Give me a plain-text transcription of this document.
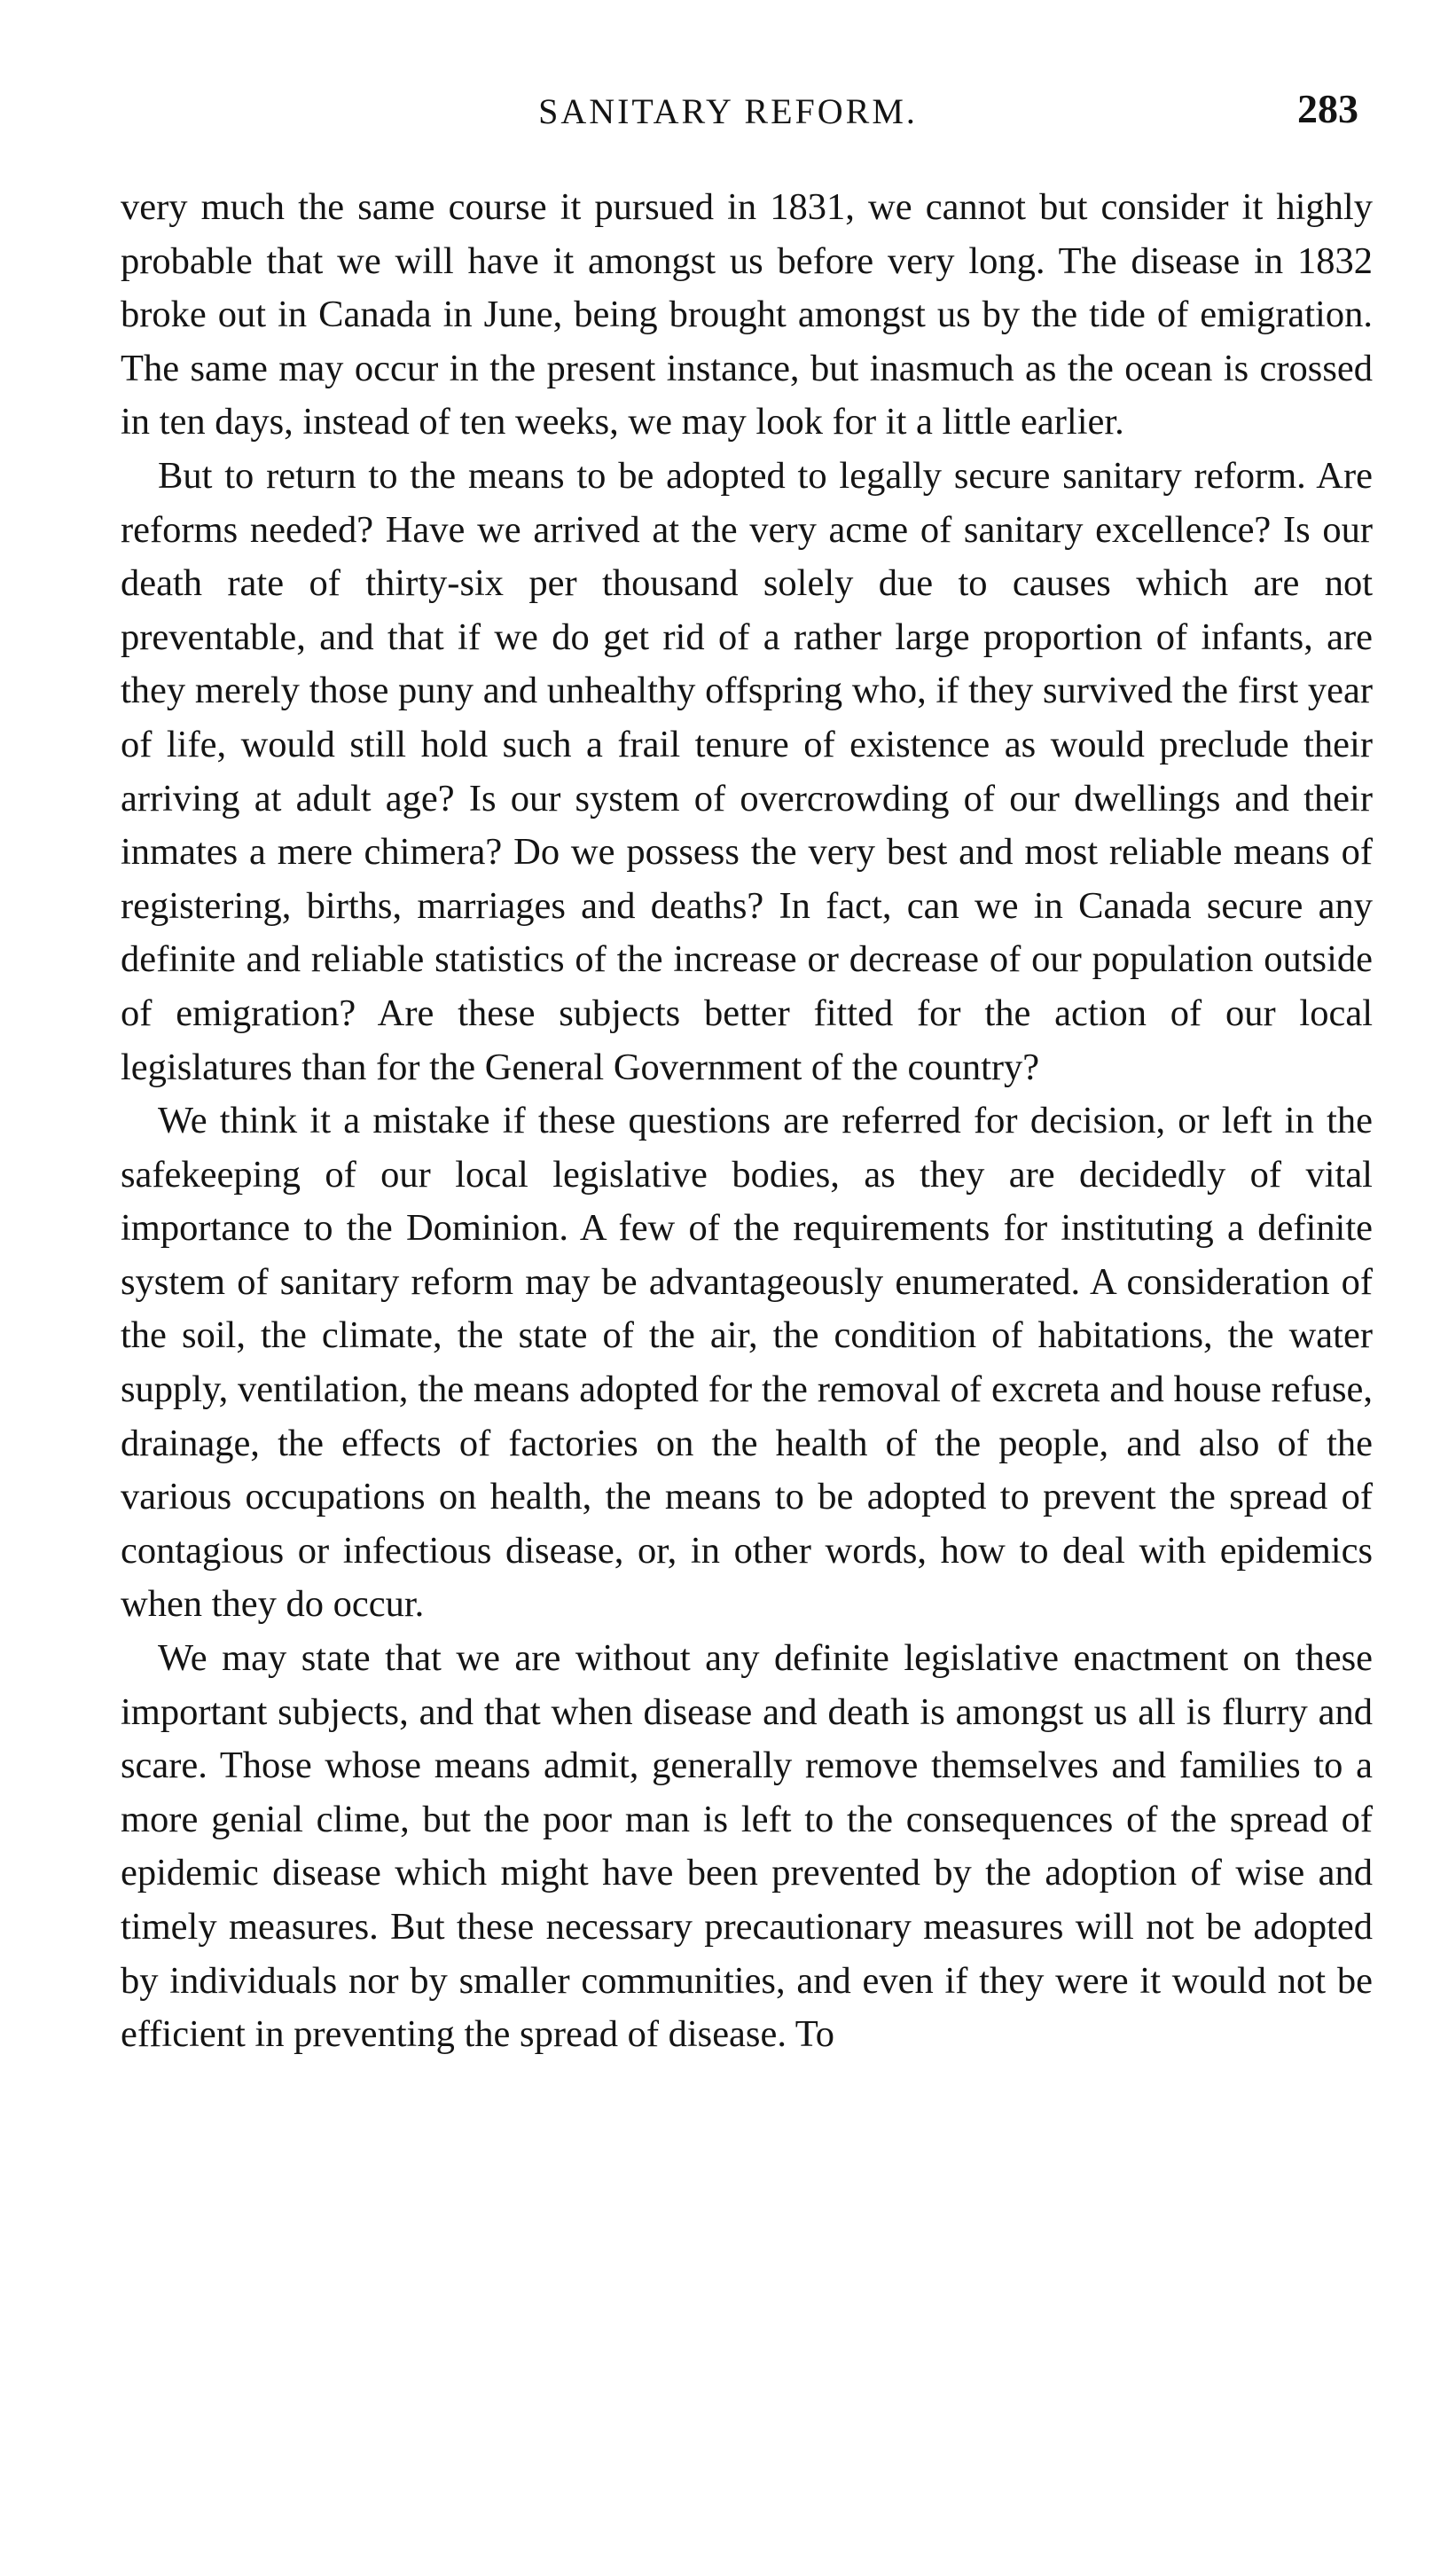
SANITARY REFORM.	283

very much the same course it pursued in 1831, we cannot but consider it highly probable that we will have it amongst us before very long. The disease in 1832 broke out in Canada in June, being brought amongst us by the tide of emigration. The same may occur in the present instance, but inasmuch as the ocean is crossed in ten days, instead of ten weeks, we may look for it a little earlier.

But to return to the means to be adopted to legally secure sanitary reform. Are reforms needed? Have we arrived at the very acme of sanitary excellence? Is our death rate of thirty-six per thousand solely due to causes which are not preventable, and that if we do get rid of a rather large proportion of infants, are they merely those puny and unhealthy offspring who, if they survived the first year of life, would still hold such a frail tenure of existence as would preclude their arriving at adult age? Is our system of overcrowding of our dwellings and their inmates a mere chimera? Do we possess the very best and most reliable means of registering, births, marriages and deaths? In fact, can we in Canada secure any definite and reliable statistics of the increase or decrease of our population outside of emigration? Are these subjects better fitted for the action of our local legislatures than for the General Government of the country?

We think it a mistake if these questions are referred for decision, or left in the safekeeping of our local legislative bodies, as they are decidedly of vital importance to the Dominion. A few of the requirements for instituting a definite system of sanitary reform may be advantageously enumerated. A consideration of the soil, the climate, the state of the air, the condition of habitations, the water supply, ventilation, the means adopted for the removal of excreta and house refuse, drainage, the effects of factories on the health of the people, and also of the various occupations on health, the means to be adopted to prevent the spread of contagious or infectious disease, or, in other words, how to deal with epidemics when they do occur.

We may state that we are without any definite legislative enactment on these important subjects, and that when disease and death is amongst us all is flurry and scare. Those whose means admit, generally remove themselves and families to a more genial clime, but the poor man is left to the consequences of the spread of epidemic disease which might have been prevented by the adoption of wise and timely measures. But these necessary precautionary measures will not be adopted by individuals nor by smaller communities, and even if they were it would not be efficient in preventing the spread of disease. To
